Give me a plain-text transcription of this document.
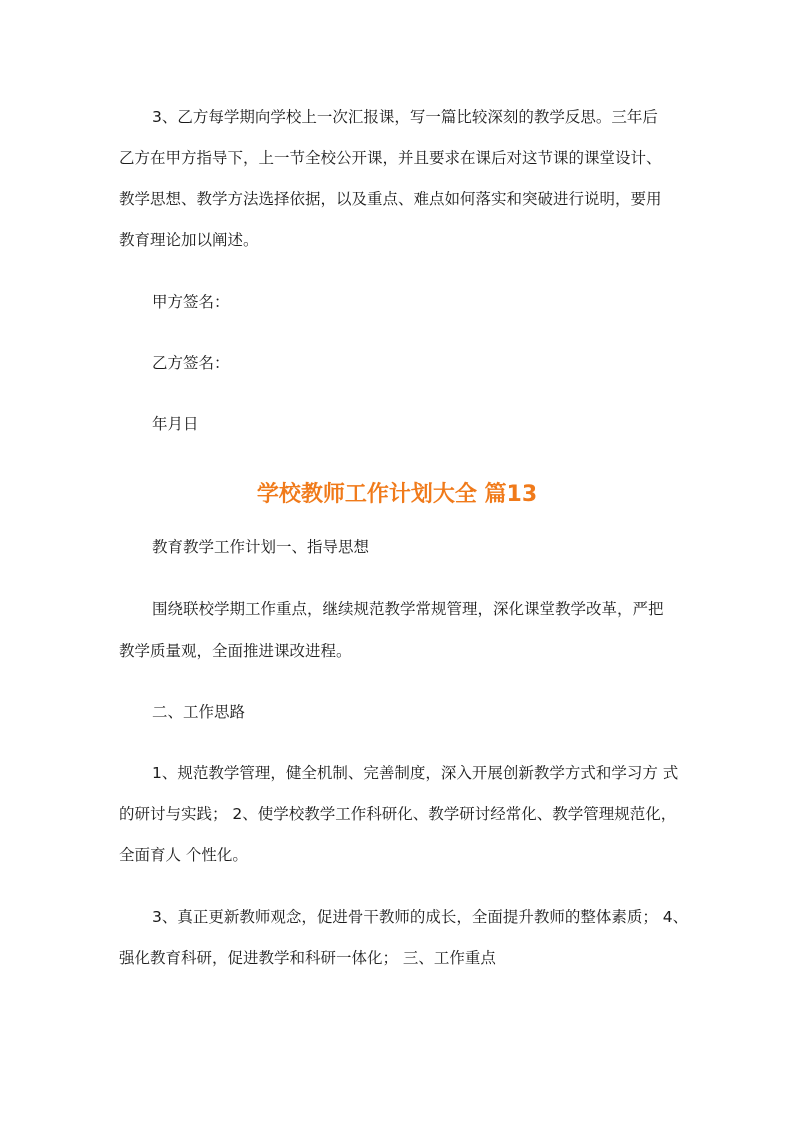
3、乙方每学期向学校上一次汇报课，写一篇比较深刻的教学反思。三年后
乙方在甲方指导下，上一节全校公开课，并且要求在课后对这节课的课堂设计、
教学思想、教学方法选择依据，以及重点、难点如何落实和突破进行说明，要用
教育理论加以阐述。
甲方签名：
乙方签名：
年月日
学校教师工作计划大全 篇13
教育教学工作计划一、指导思想
围绕联校学期工作重点，继续规范教学常规管理，深化课堂教学改革，严把
教学质量观，全面推进课改进程。
二、工作思路
1、规范教学管理，健全机制、完善制度，深入开展创新教学方式和学习方 式
的研讨与实践； 2、使学校教学工作科研化、教学研讨经常化、教学管理规范化，
全面育人 个性化。
3、真正更新教师观念，促进骨干教师的成长，全面提升教师的整体素质； 4、
强化教育科研，促进教学和科研一体化； 三、工作重点
